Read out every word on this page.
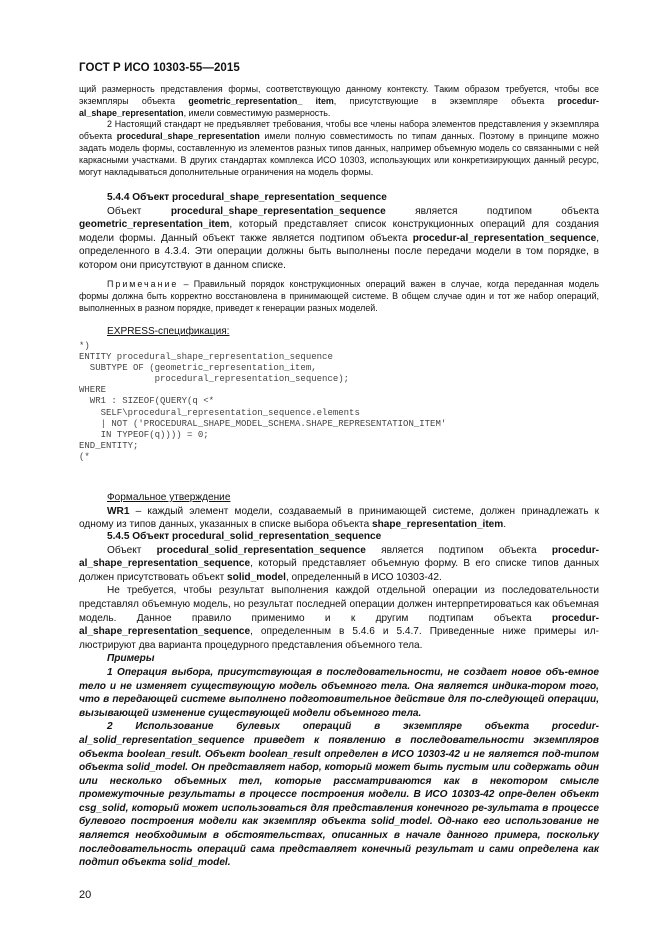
ГОСТ Р ИСО 10303-55—2015

щий размерность представления формы, соответствующую данному контексту. Таким образом требуется, чтобы все экземпляры объекта geometric_representation_ item, присутствующие в экземпляре объекта procedur-al_shape_representation, имели совместимую размерность.

2 Настоящий стандарт не предъявляет требования, чтобы все члены набора элементов представления у экземпляра объекта procedural_shape_representation имели полную совместимость по типам данных. Поэтому в принципе можно задать модель формы, составленную из элементов разных типов данных, например объемную модель со связанными с ней каркасными участками. В других стандартах комплекса ИСО 10303, использующих или конкретизирующих данный ресурс, могут накладываться дополнительные ограничения на модель формы.

5.4.4 Объект procedural_shape_representation_sequence

Объект procedural_shape_representation_sequence является подтипом объекта geometric_representation_item, который представляет список конструкционных операций для создания модели формы. Данный объект также является подтипом объекта procedur-al_representation_sequence, определенного в 4.3.4. Эти операции должны быть выполнены после передачи модели в том порядке, в котором они присутствуют в данном списке.

Примечание – Правильный порядок конструкционных операций важен в случае, когда переданная модель формы должна быть корректно восстановлена в принимающей системе. В общем случае один и тот же набор операций, выполненных в разном порядке, приведет к генерации разных моделей.

EXPRESS-спецификация:

*)
ENTITY procedural_shape_representation_sequence
SUBTYPE OF (geometric_representation_item,
procedural_representation_sequence);
WHERE
WR1 : SIZEOF(QUERY(q <*
SELF\procedural_representation_sequence.elements
| NOT ('PROCEDURAL_SHAPE_MODEL_SCHEMA.SHAPE_REPRESENTATION_ITEM'
IN TYPEOF(q)))) = 0;
END_ENTITY;
(*

Формальное утверждение

WR1 – каждый элемент модели, создаваемый в принимающей системе, должен принадлежать к одному из типов данных, указанных в списке выбора объекта shape_representation_item.

5.4.5 Объект procedural_solid_representation_sequence

Объект procedural_solid_representation_sequence является подтипом объекта procedur-al_shape_representation_sequence, который представляет объемную форму. В его списке типов данных должен присутствовать объект solid_model, определенный в ИСО 10303-42.

Не требуется, чтобы результат выполнения каждой отдельной операции из последовательности представлял объемную модель, но результат последней операции должен интерпретироваться как объемная модель. Данное правило применимо и к другим подтипам объекта procedur-al_shape_representation_sequence, определенным в 5.4.6 и 5.4.7. Приведенные ниже примеры ил-люстрируют два варианта процедурного представления объемного тела.

Примеры

1 Операция выбора, присутствующая в последовательности, не создает новое объ-емное тело и не изменяет существующую модель объемного тела. Она является индика-тором того, что в передающей системе выполнено подготовительное действие для по-следующей операции, вызывающей изменение существующей модели объемного тела.

2 Использование булевых операций в экземпляре объекта procedur-al_solid_representation_sequence приведет к появлению в последовательности экземпляров объекта boolean_result. Объект boolean_result определен в ИСО 10303-42 и не является под-типом объекта solid_model. Он представляет набор, который может быть пустым или содержать один или несколько объемных тел, которые рассматриваются как в некотором смысле промежуточные результаты в процессе построения модели. В ИСО 10303-42 опре-делен объект csg_solid, который может использоваться для представления конечного ре-зультата в процессе булевого построения модели как экземпляр объекта solid_model. Од-нако его использование не является необходимым в обстоятельствах, описанных в начале данного примера, поскольку последовательность операций сама представляет конечный результат и сами определена как подтип объекта solid_model.

20
